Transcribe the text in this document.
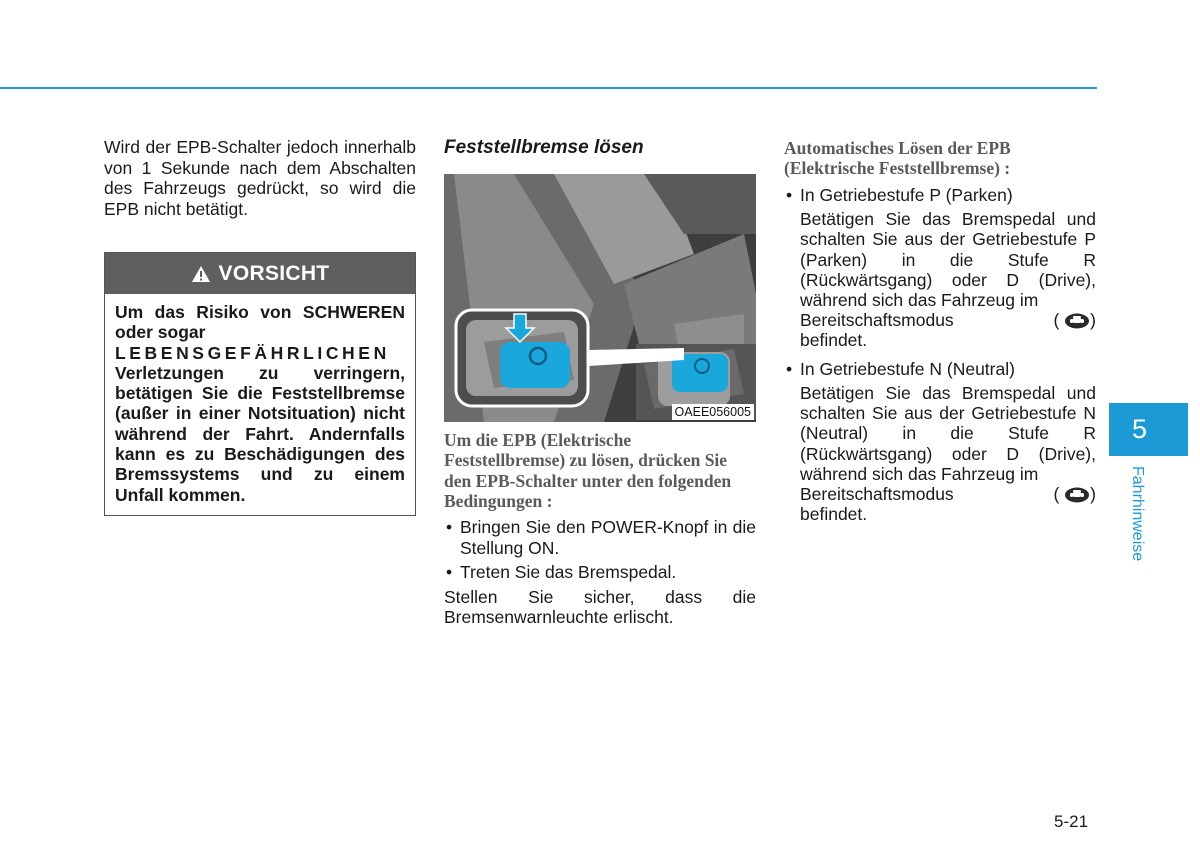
Wird der EPB-Schalter jedoch innerhalb von 1 Sekunde nach dem Abschalten des Fahrzeugs gedrückt, so wird die EPB nicht betätigt.

VORSICHT
Um das Risiko von SCHWEREN oder sogar
LEBENSGEFÄHRLICHEN
Verletzungen zu verringern, betätigen Sie die Feststellbremse (außer in einer Notsituation) nicht während der Fahrt. Andernfalls kann es zu Beschädigungen des Bremssystems und zu einem Unfall kommen.

Feststellbremse lösen

OAEE056005

Um die EPB (Elektrische Feststellbremse) zu lösen, drücken Sie den EPB-Schalter unter den folgenden Bedingungen :

• Bringen Sie den POWER-Knopf in die Stellung ON.
• Treten Sie das Bremspedal.

Stellen Sie sicher, dass die Bremsenwarnleuchte erlischt.

Automatisches Lösen der EPB (Elektrische Feststellbremse) :

• In Getriebestufe P (Parken)
Betätigen Sie das Bremspedal und schalten Sie aus der Getriebestufe P (Parken) in die Stufe R (Rückwärtsgang) oder D (Drive), während sich das Fahrzeug im
Bereitschaftsmodus	( )
befindet.
• In Getriebestufe N (Neutral)
Betätigen Sie das Bremspedal und schalten Sie aus der Getriebestufe N (Neutral) in die Stufe R (Rückwärtsgang) oder D (Drive), während sich das Fahrzeug im
Bereitschaftsmodus	( )
befindet.
5
Fahrhinweise
5-21
